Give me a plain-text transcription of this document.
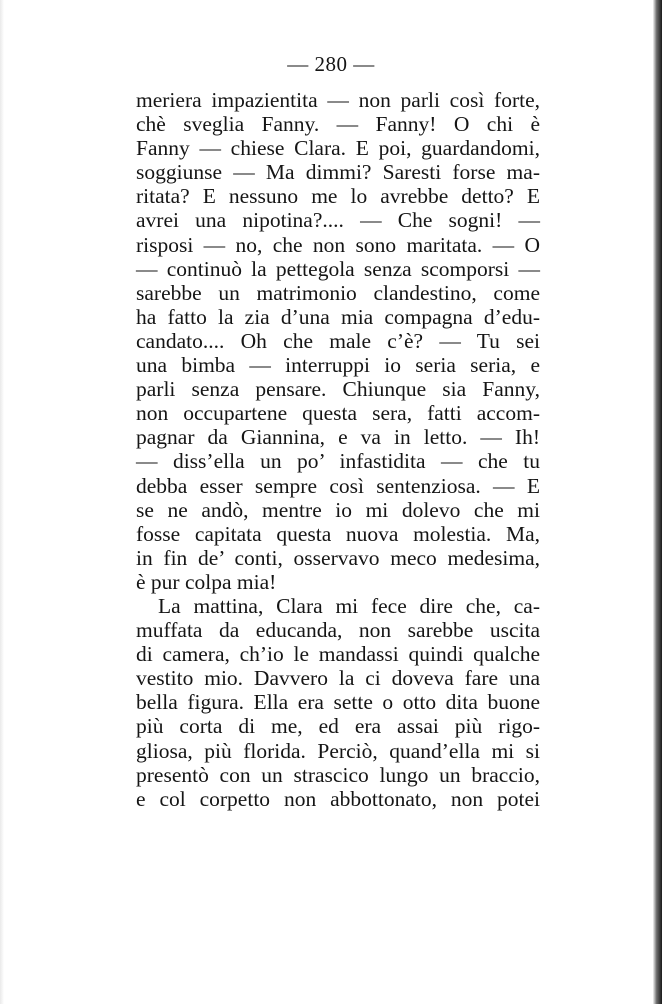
— 280 —
meriera impazientita — non parli così forte,
chè sveglia Fanny. — Fanny! O chi è
Fanny — chiese Clara. E poi, guardandomi,
soggiunse — Ma dimmi? Saresti forse ma-
ritata? E nessuno me lo avrebbe detto? E
avrei una nipotina?.... — Che sogni! —
risposi — no, che non sono maritata. — O
— continuò la pettegola senza scomporsi —
sarebbe un matrimonio clandestino, come
ha fatto la zia d’una mia compagna d’edu-
candato.... Oh che male c’è? — Tu sei
una bimba — interruppi io seria seria, e
parli senza pensare. Chiunque sia Fanny,
non occupartene questa sera, fatti accom-
pagnar da Giannina, e va in letto. — Ih!
— diss’ella un po’ infastidita — che tu
debba esser sempre così sentenziosa. — E
se ne andò, mentre io mi dolevo che mi
fosse capitata questa nuova molestia. Ma,
in fin de’ conti, osservavo meco medesima,
è pur colpa mia!
La mattina, Clara mi fece dire che, ca-
muffata da educanda, non sarebbe uscita
di camera, ch’io le mandassi quindi qualche
vestito mio. Davvero la ci doveva fare una
bella figura. Ella era sette o otto dita buone
più corta di me, ed era assai più rigo-
gliosa, più florida. Perciò, quand’ella mi si
presentò con un strascico lungo un braccio,
e col corpetto non abbottonato, non potei
